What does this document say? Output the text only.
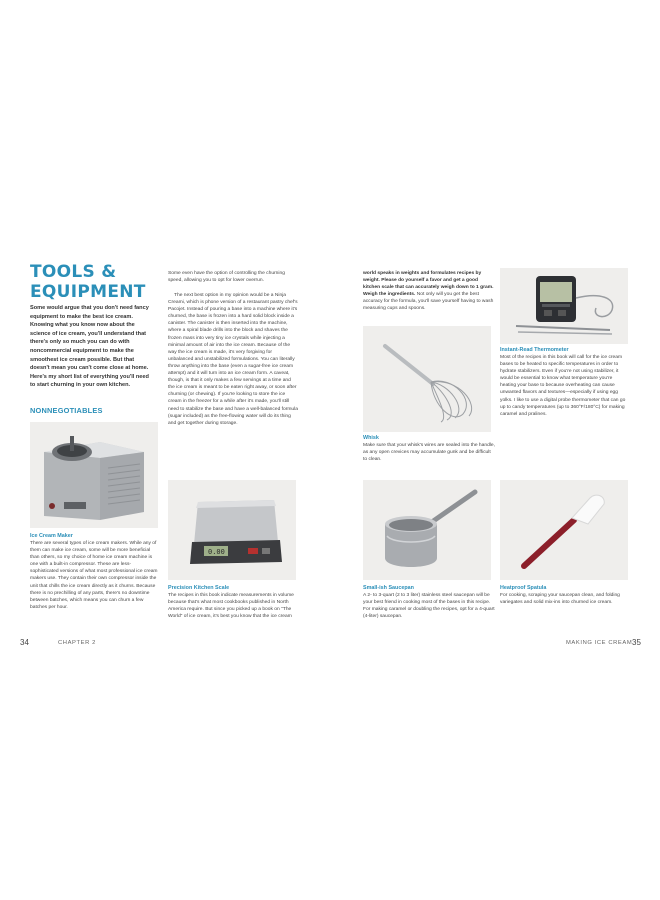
TOOLS &
EQUIPMENT
Some would argue that you don't need fancy equipment to make the best ice cream. Knowing what you know now about the science of ice cream, you'll understand that there's only so much you can do with noncommercial equipment to make the smoothest ice cream possible. But that doesn't mean you can't come close at home. Here's my short list of everything you'll need to start churning in your own kitchen.
NONNEGOTIABLES
Ice Cream Maker
There are several types of ice cream makers. While any of them can make ice cream, some will be more beneficial than others, so my choice of home ice cream machine is one with a built-in compressor. These are less-sophisticated versions of what most professional ice cream makers use. They contain their own compressor inside the unit that chills the ice cream directly as it churns. Because there is no prechilling of any parts, there's no downtime between batches, which means you can churn a few batches per hour.
Some even have the option of controlling the churning speed, allowing you to opt for lower overrun.
The next best option in my opinion would be a Ninja Creami, which is phone version of a restaurant pastry chef's Pacojet. Instead of pouring a base into a machine where it's churned, the base is frozen into a hard solid block inside a canister. The canister is then inserted into the machine, where a spiral blade drills into the block and shaves the frozen mass into very tiny ice crystals while injecting a minimal amount of air into the ice cream. Because of the way the ice cream is made, it's very forgiving for unbalanced and unstabilized formulations. You can literally throw anything into the base (even a sugar-free ice cream attempt) and it will turn into an ice cream form. A caveat, though, is that it only makes a few servings at a time and the ice cream is meant to be eaten right away, or soon after churning (or chewing). If you're looking to store the ice cream in the freezer for a while after it's made, you'll still need to stabilize the base and have a well-balanced formula (sugar included) as the free-flowing water will do its thing and get together during storage.
0.00
Precision Kitchen Scale
The recipes in this book indicate measurements in volume because that's what most cookbooks published in North America require. But since you picked up a book on "The World" of ice cream, it's best you know that the ice cream
34	CHAPTER 2
world speaks in weights and formulates recipes by weight. Please do yourself a favor and get a good kitchen scale that can accurately weigh down to 1 gram. Weigh the ingredients. Not only will you get the best accuracy for the formula, you'll save yourself having to wash measuring cups and spoons.
Whisk
Make sure that your whisk's wires are sealed into the handle, as any open crevices may accumulate gunk and be difficult to clean.
Instant-Read Thermometer
Most of the recipes in this book will call for the ice cream bases to be heated to specific temperatures in order to hydrate stabilizers. Even if you're not using stabilizer, it would be essential to know what temperature you're heating your base to because overheating can cause unwanted flavors and textures—especially if using egg yolks. I like to use a digital probe thermometer that can go up to candy temperatures (up to 360°F/180°C) for making caramel and pralines.
Small-ish Saucepan
A 2- to 3-quart (2 to 3 liter) stainless steel saucepan will be your best friend in cooking most of the bases in this recipe. For making caramel or doubling the recipes, opt for a 4-quart (4-liter) saucepan.
Heatproof Spatula
For cooking, scraping your saucepan clean, and folding variegates and solid mix-ins into churned ice cream.
MAKING ICE CREAM 35
